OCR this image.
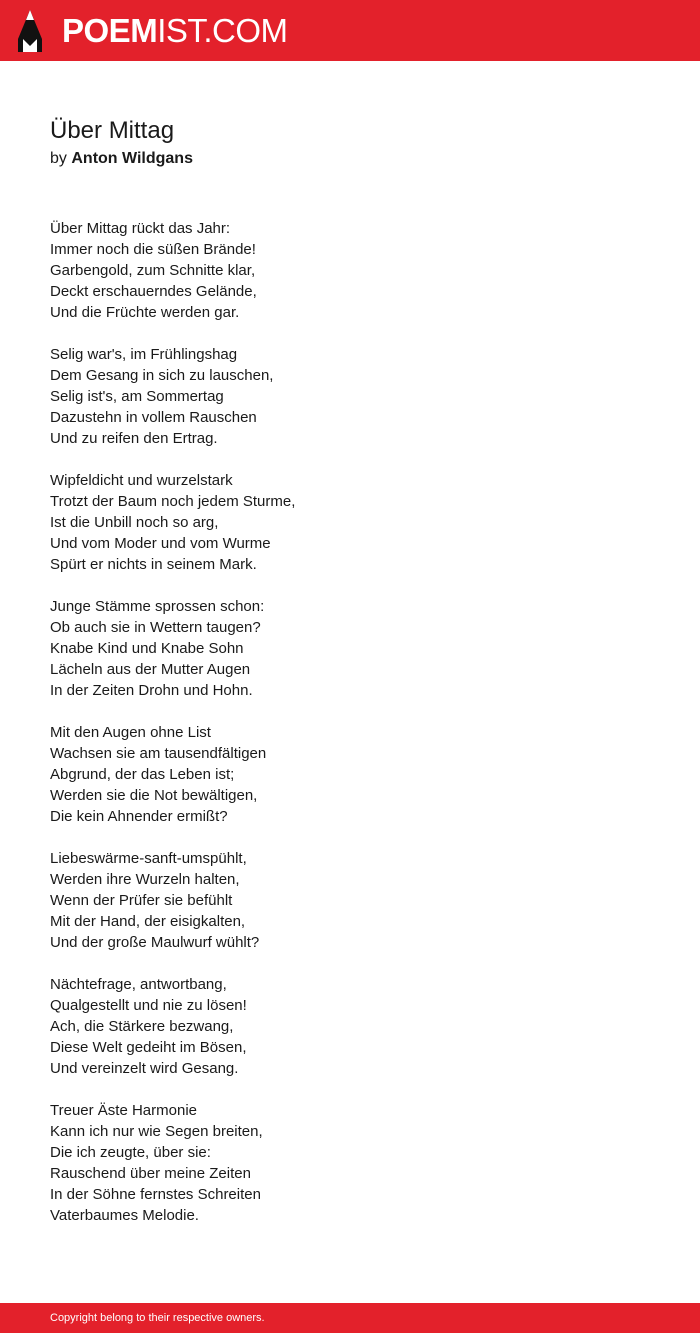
POEMIST.COM
Über Mittag
by Anton Wildgans
Über Mittag rückt das Jahr:
Immer noch die süßen Brände!
Garbengold, zum Schnitte klar,
Deckt erschauerndes Gelände,
Und die Früchte werden gar.
Selig war's, im Frühlingshag
Dem Gesang in sich zu lauschen,
Selig ist's, am Sommertag
Dazustehn in vollem Rauschen
Und zu reifen den Ertrag.
Wipfeldicht und wurzelstark
Trotzt der Baum noch jedem Sturme,
Ist die Unbill noch so arg,
Und vom Moder und vom Wurme
Spürt er nichts in seinem Mark.
Junge Stämme sprossen schon:
Ob auch sie in Wettern taugen?
Knabe Kind und Knabe Sohn
Lächeln aus der Mutter Augen
In der Zeiten Drohn und Hohn.
Mit den Augen ohne List
Wachsen sie am tausendfältigen
Abgrund, der das Leben ist;
Werden sie die Not bewältigen,
Die kein Ahnender ermißt?
Liebeswärme-sanft-umspühlt,
Werden ihre Wurzeln halten,
Wenn der Prüfer sie befühlt
Mit der Hand, der eisigkalten,
Und der große Maulwurf wühlt?
Nächtefrage, antwortbang,
Qualgestellt und nie zu lösen!
Ach, die Stärkere bezwang,
Diese Welt gedeiht im Bösen,
Und vereinzelt wird Gesang.
Treuer Äste Harmonie
Kann ich nur wie Segen breiten,
Die ich zeugte, über sie:
Rauschend über meine Zeiten
In der Söhne fernstes Schreiten
Vaterbaumes Melodie.
Copyright belong to their respective owners.
